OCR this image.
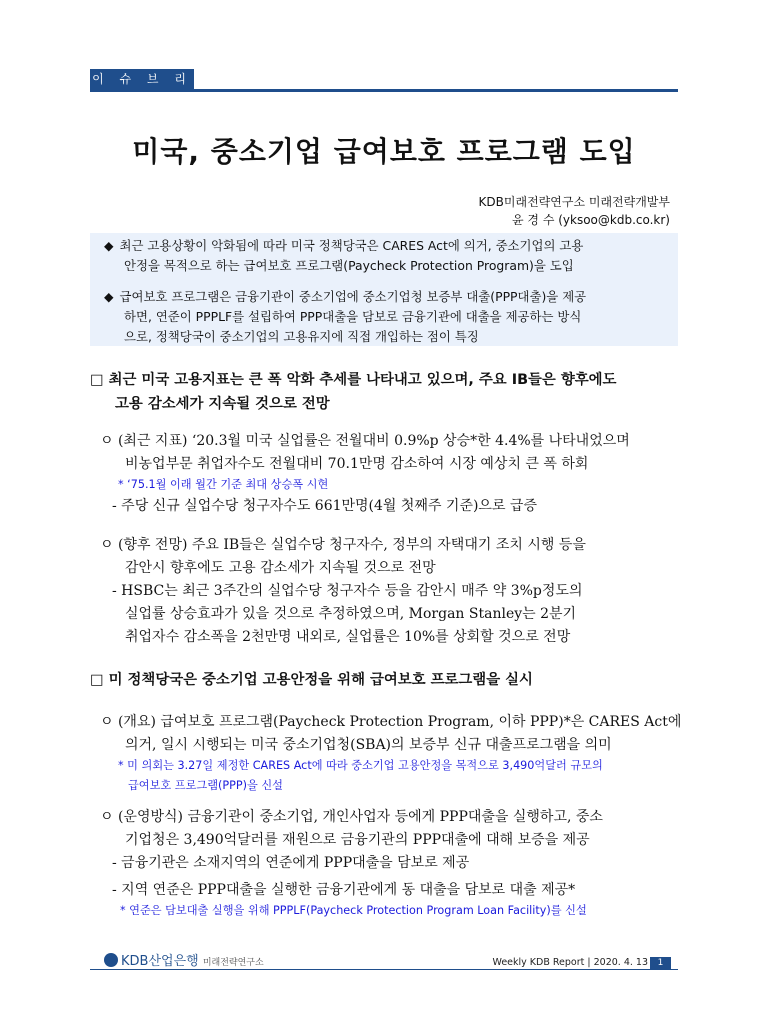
이 슈 브 리 프
미국, 중소기업 급여보호 프로그램 도입
KDB미래전략연구소 미래전략개발부
윤 경 수 (yksoo@kdb.co.kr)
◆ 최근 고용상황이 악화됨에 따라 미국 정책당국은 CARES Act에 의거, 중소기업의 고용
안정을 목적으로 하는 급여보호 프로그램(Paycheck Protection Program)을 도입
◆ 급여보호 프로그램은 금융기관이 중소기업에 중소기업청 보증부 대출(PPP대출)을 제공
하면, 연준이 PPPLF를 설립하여 PPP대출을 담보로 금융기관에 대출을 제공하는 방식
으로, 정책당국이 중소기업의 고용유지에 직접 개입하는 점이 특징
□ 최근 미국 고용지표는 큰 폭 악화 추세를 나타내고 있으며, 주요 IB들은 향후에도
고용 감소세가 지속될 것으로 전망
ㅇ (최근 지표) ‘20.3월 미국 실업률은 전월대비 0.9%p 상승*한 4.4%를 나타내었으며
비농업부문 취업자수도 전월대비 70.1만명 감소하여 시장 예상치 큰 폭 하회
* ‘75.1월 이래 월간 기준 최대 상승폭 시현
- 주당 신규 실업수당 청구자수도 661만명(4월 첫째주 기준)으로 급증
ㅇ (향후 전망) 주요 IB들은 실업수당 청구자수, 정부의 자택대기 조치 시행 등을
감안시 향후에도 고용 감소세가 지속될 것으로 전망
- HSBC는 최근 3주간의 실업수당 청구자수 등을 감안시 매주 약 3%p정도의
실업률 상승효과가 있을 것으로 추정하였으며, Morgan Stanley는 2분기
취업자수 감소폭을 2천만명 내외로, 실업률은 10%를 상회할 것으로 전망
□ 미 정책당국은 중소기업 고용안정을 위해 급여보호 프로그램을 실시
ㅇ (개요) 급여보호 프로그램(Paycheck Protection Program, 이하 PPP)*은 CARES Act에
의거, 일시 시행되는 미국 중소기업청(SBA)의 보증부 신규 대출프로그램을 의미
* 미 의회는 3.27일 제정한 CARES Act에 따라 중소기업 고용안정을 목적으로 3,490억달러 규모의
급여보호 프로그램(PPP)을 신설
ㅇ (운영방식) 금융기관이 중소기업, 개인사업자 등에게 PPP대출을 실행하고, 중소
기업청은 3,490억달러를 재원으로 금융기관의 PPP대출에 대해 보증을 제공
- 금융기관은 소재지역의 연준에게 PPP대출을 담보로 제공
- 지역 연준은 PPP대출을 실행한 금융기관에게 동 대출을 담보로 대출 제공*
* 연준은 담보대출 실행을 위해 PPPLF(Paycheck Protection Program Loan Facility)를 신설
KDB산업은행 미래전략연구소	Weekly KDB Report | 2020. 4. 13	1
